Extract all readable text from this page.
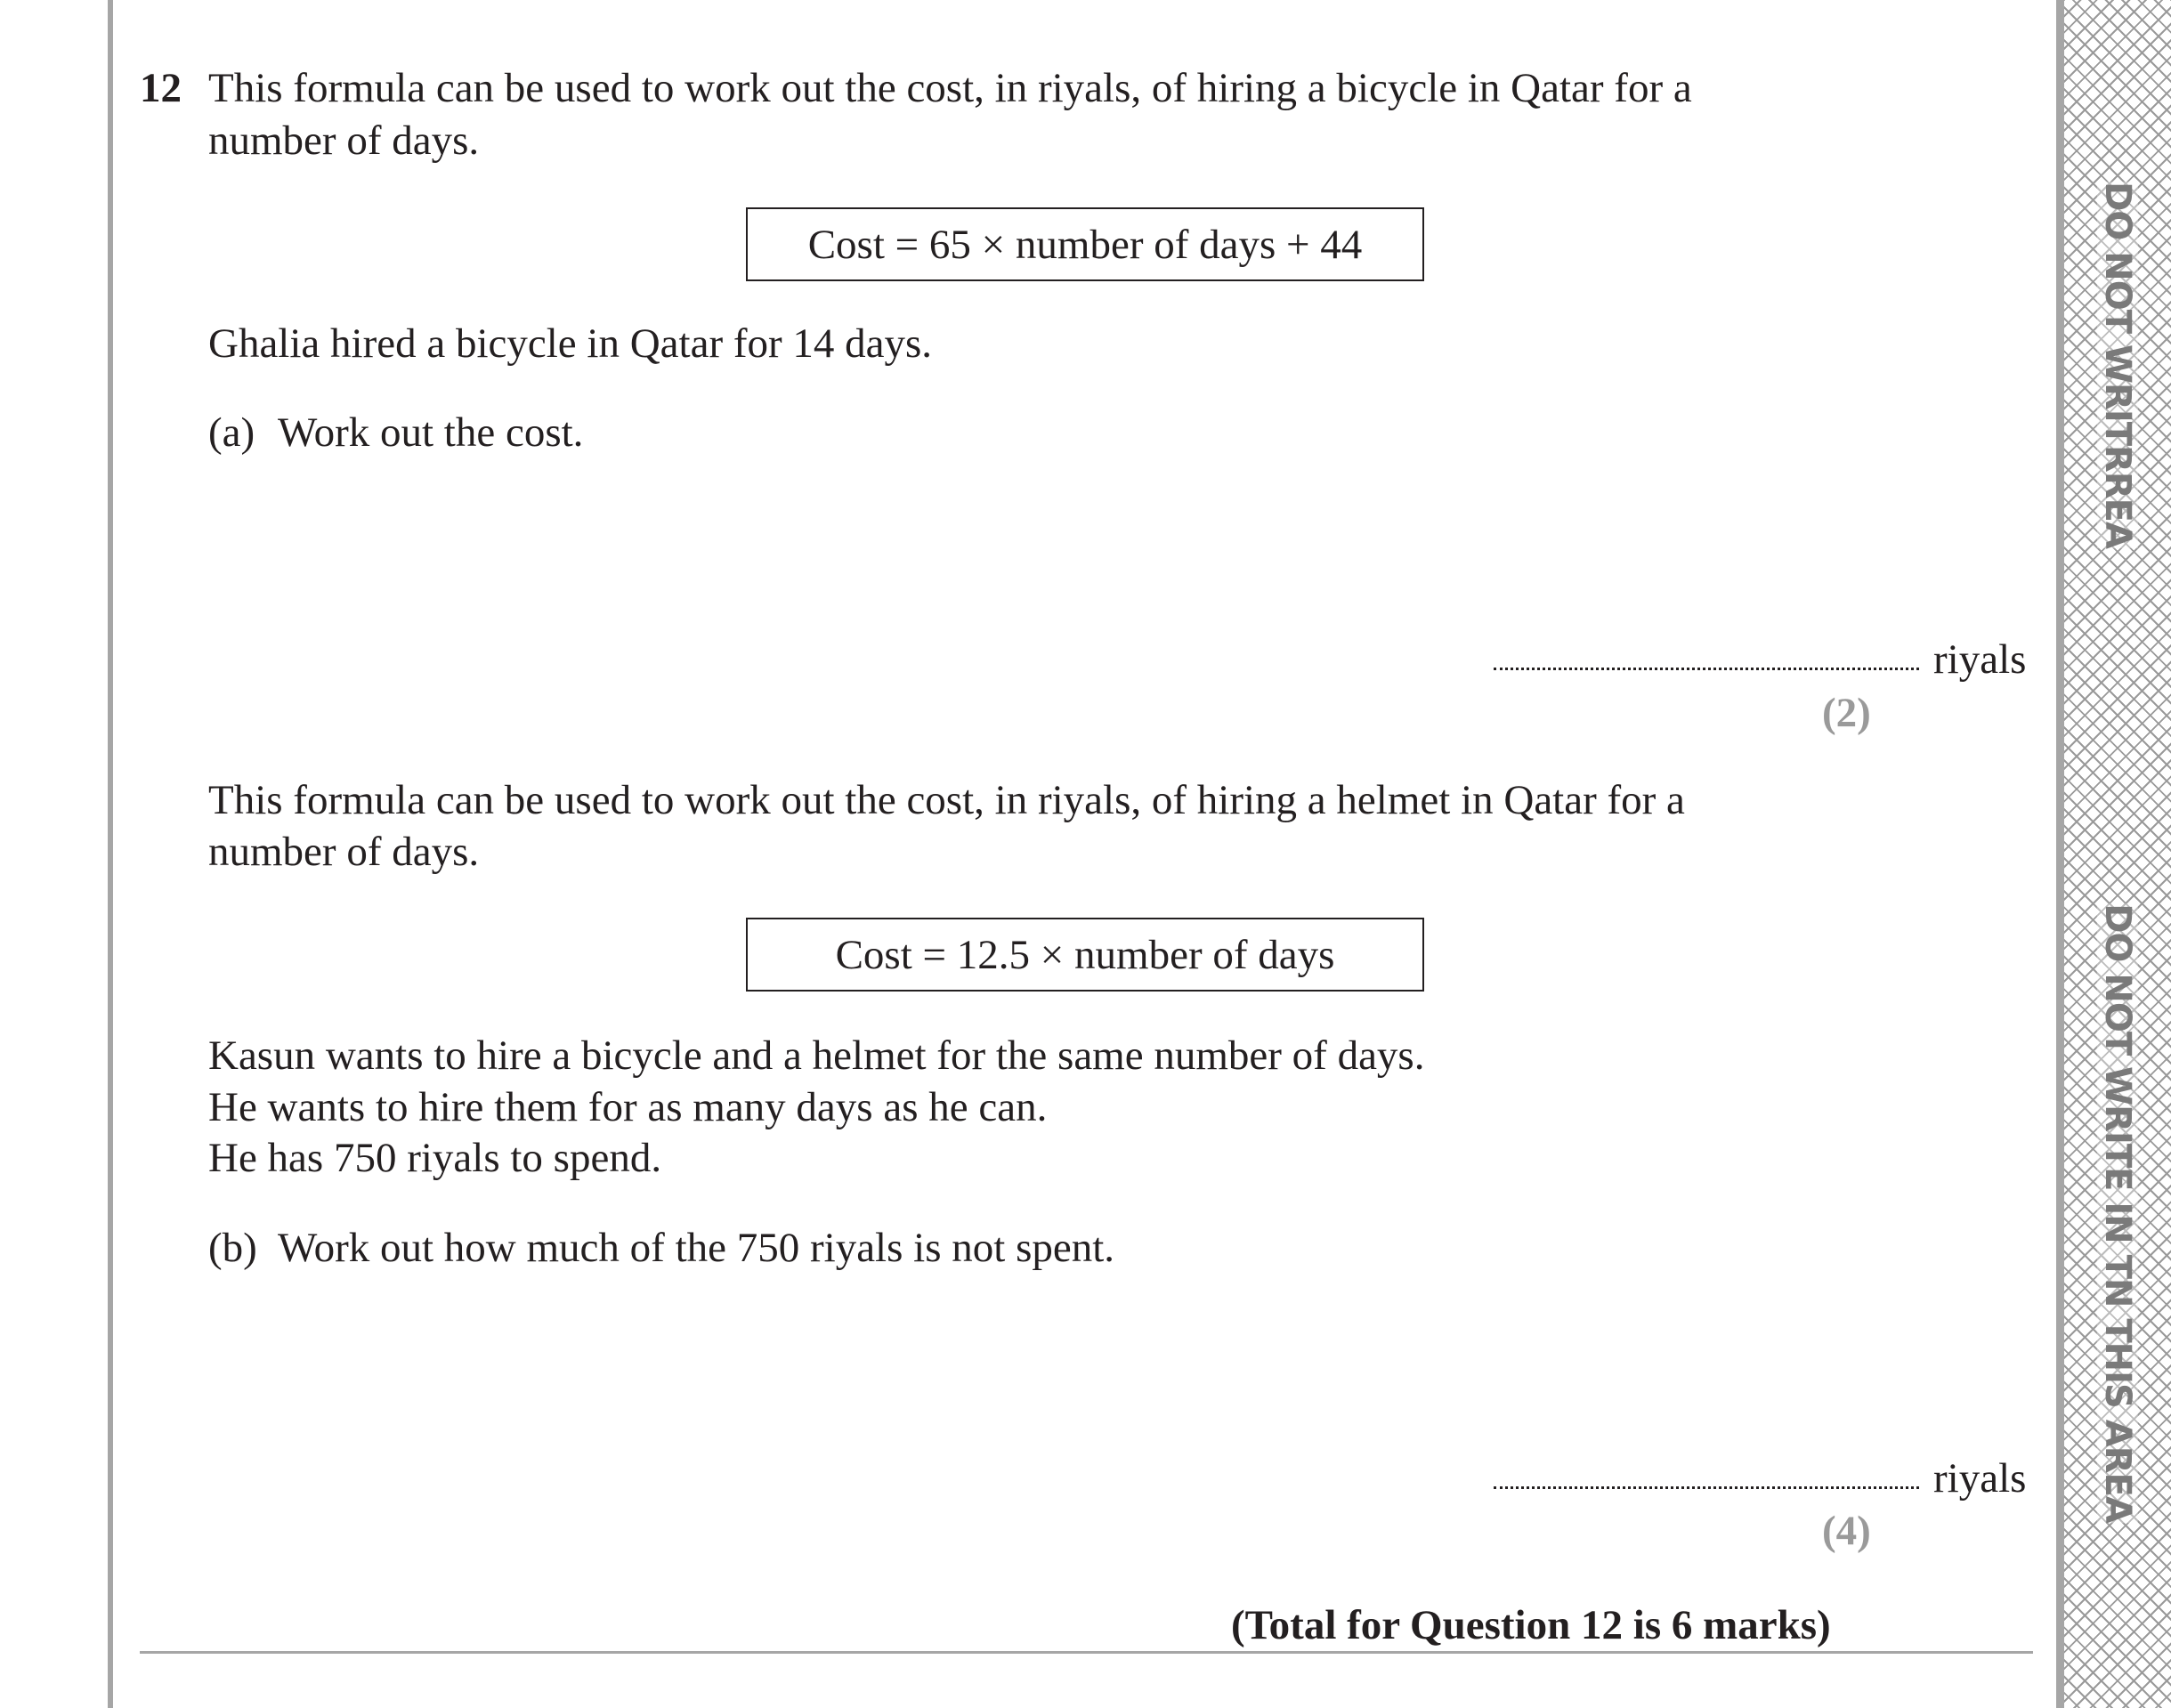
DO NOT WRITRREA
DO NOT WRITE IN TN THIS AREA
12 This formula can be used to work out the cost, in riyals, of hiring a bicycle in Qatar for a
number of days.
Cost = 65 × number of days + 44
Ghalia hired a bicycle in Qatar for 14 days.
(a) Work out the cost.
riyals
(2)
This formula can be used to work out the cost, in riyals, of hiring a helmet in Qatar for a
number of days.
Cost = 12.5 × number of days
Kasun wants to hire a bicycle and a helmet for the same number of days.
He wants to hire them for as many days as he can.
He has 750 riyals to spend.
(b) Work out how much of the 750 riyals is not spent.
riyals
(4)
(Total for Question 12 is 6 marks)
